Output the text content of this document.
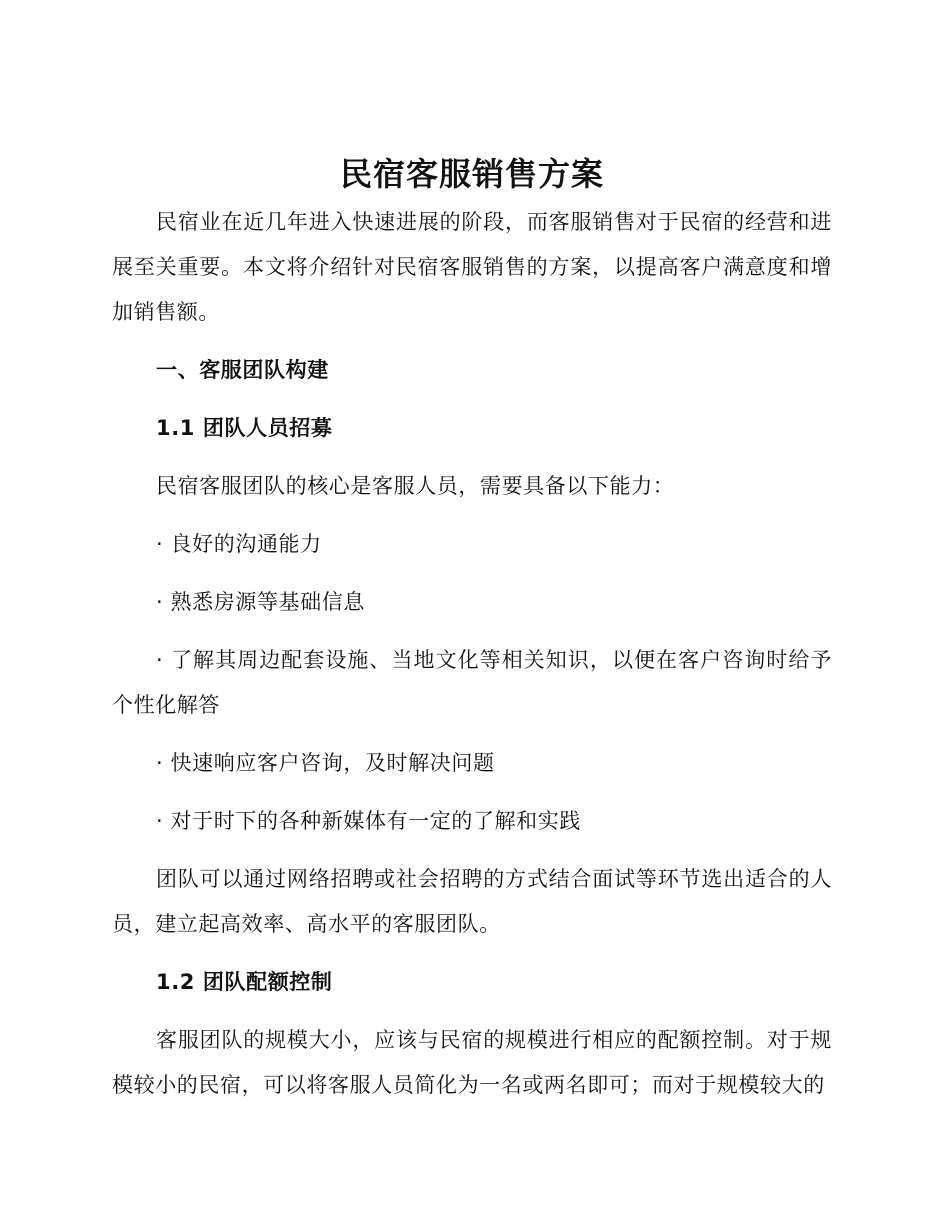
民宿客服销售方案

民宿业在近几年进入快速进展的阶段，而客服销售对于民宿的经营和进展至关重要。本文将介绍针对民宿客服销售的方案，以提高客户满意度和增加销售额。

一、客服团队构建

1.1 团队人员招募

民宿客服团队的核心是客服人员，需要具备以下能力：

· 良好的沟通能力

· 熟悉房源等基础信息

· 了解其周边配套设施、当地文化等相关知识，以便在客户咨询时给予个性化解答

· 快速响应客户咨询，及时解决问题

· 对于时下的各种新媒体有一定的了解和实践

团队可以通过网络招聘或社会招聘的方式结合面试等环节选出适合的人员，建立起高效率、高水平的客服团队。

1.2 团队配额控制

客服团队的规模大小，应该与民宿的规模进行相应的配额控制。对于规模较小的民宿，可以将客服人员简化为一名或两名即可；而对于规模较大的
